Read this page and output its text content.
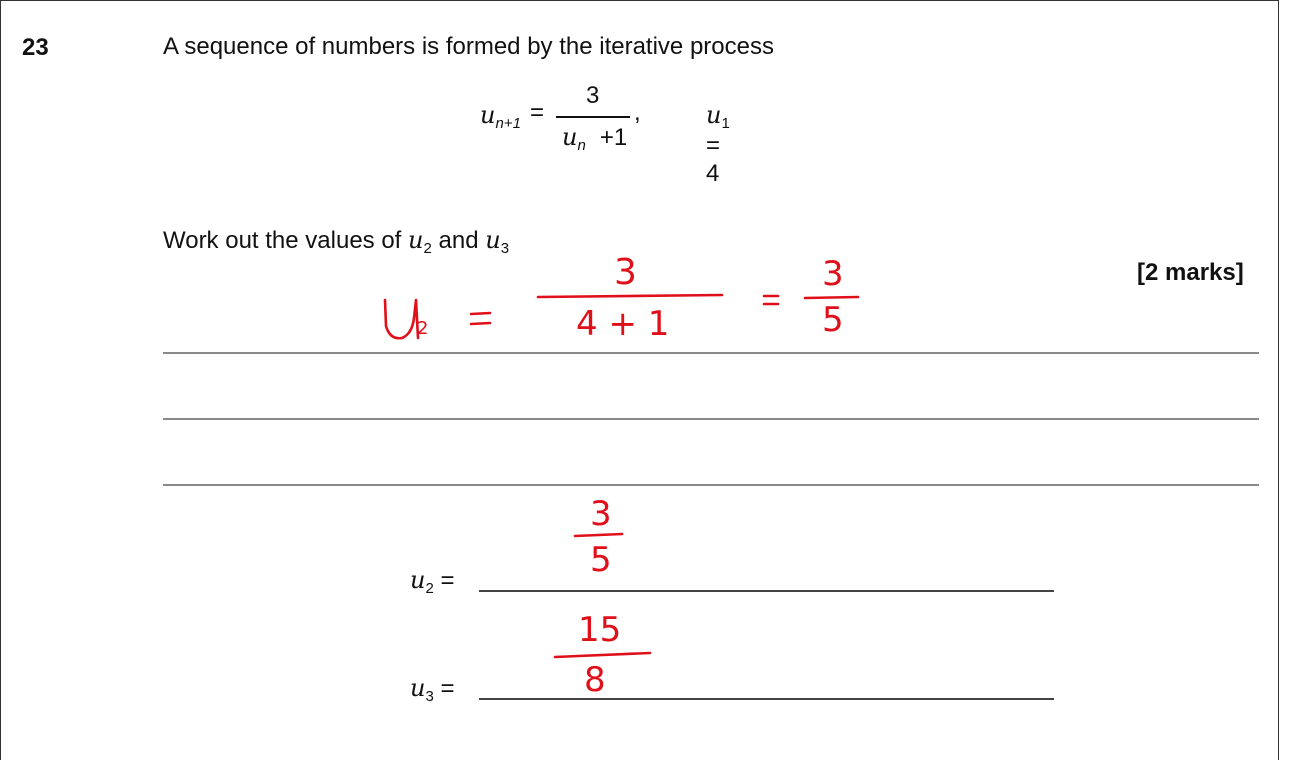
23	A sequence of numbers is formed by the iterative process
$u_{n+1}$ =
3
$u_n +1$
,	$u_1 = 4$
Work out the values of $u_2$ and $u_3$
[2 marks]
$u_2$ =
$u_3$ =
2
3
4 + 1
3
5
3
5
15
8
